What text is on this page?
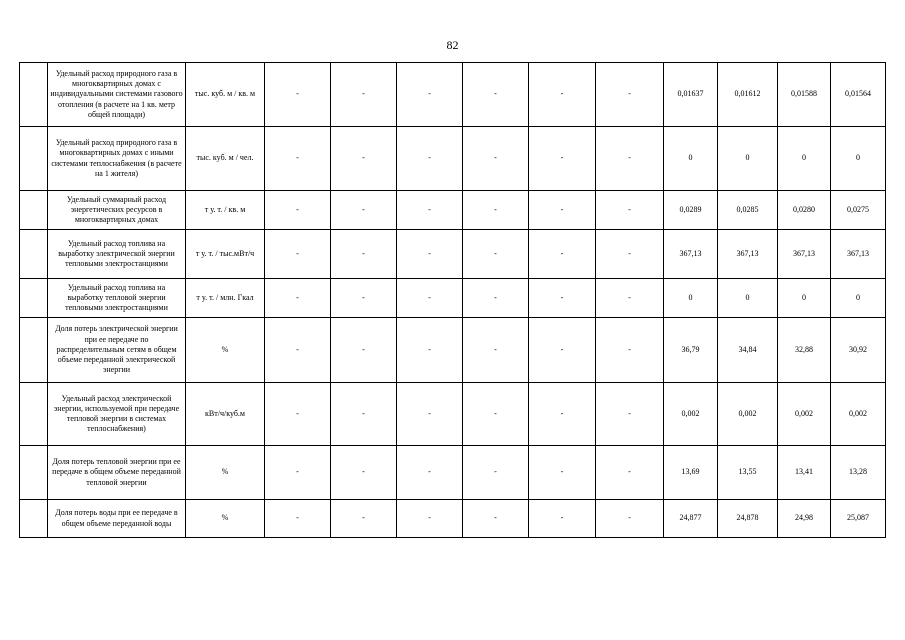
82
	Удельный расход природного газа в многоквартирных домах с индивидуальными системами газового отопления (в расчете на 1 кв. метр общей площади)	тыс. куб. м / кв. м	-	-	-	-	-	-	0,01637	0,01612	0,01588	0,01564
	Удельный расход природного газа в многоквартирных домах с иными системами теплоснабжения (в расчете на 1 жителя)	тыс. куб. м / чел.	-	-	-	-	-	-	0	0	0	0
	Удельный суммарный расход энергетических ресурсов в многоквартирных домах	т у. т. / кв. м	-	-	-	-	-	-	0,0289	0,0285	0,0280	0,0275
	Удельный расход топлива на выработку электрической энергии тепловыми электростанциями	т у. т. / тыс.мВт/ч	-	-	-	-	-	-	367,13	367,13	367,13	367,13
	Удельный расход топлива на выработку тепловой энергии тепловыми электростанциями	т у. т. / млн. Гкал	-	-	-	-	-	-	0	0	0	0
	Доля потерь электрической энергии при ее передаче по распределительным сетям в общем объеме переданной электрической энергии	%	-	-	-	-	-	-	36,79	34,84	32,88	30,92
	Удельный расход электрической энергии, используемой при передаче тепловой энергии в системах теплоснабжения)	кВт/ч/куб.м	-	-	-	-	-	-	0,002	0,002	0,002	0,002
	Доля потерь тепловой энергии при ее передаче в общем объеме переданной тепловой энергии	%	-	-	-	-	-	-	13,69	13,55	13,41	13,28
	Доля потерь воды при ее передаче в общем объеме переданной воды	%	-	-	-	-	-	-	24,877	24,878	24,98	25,087
